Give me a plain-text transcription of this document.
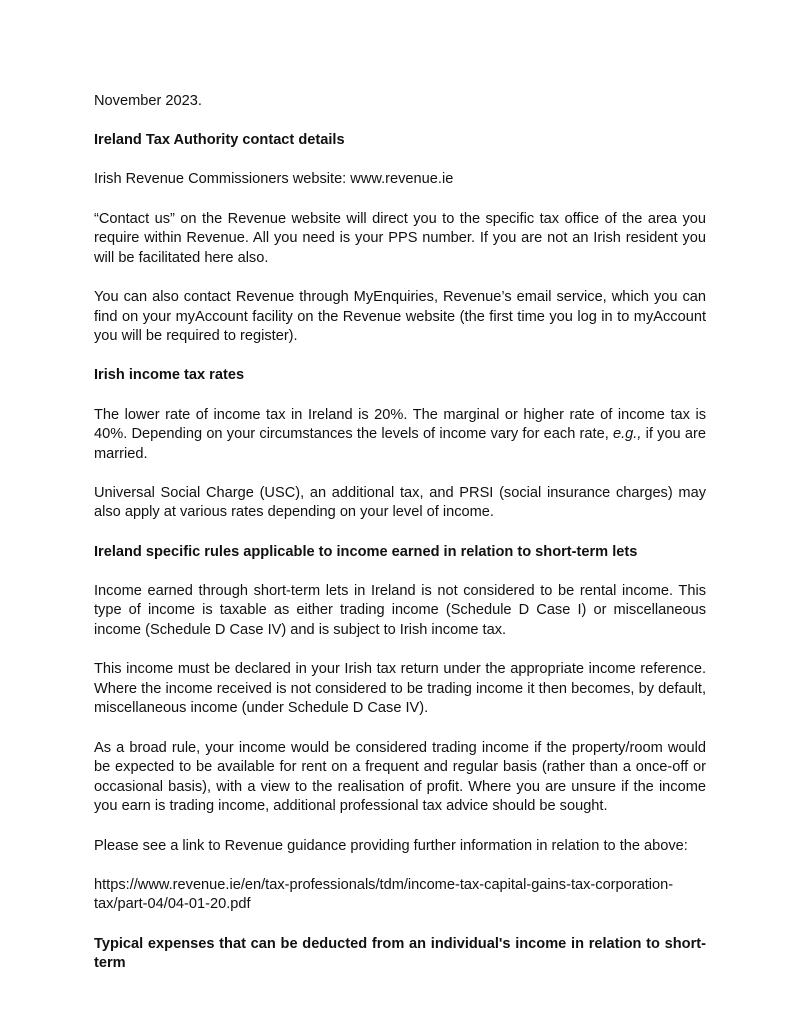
November 2023.

Ireland Tax Authority contact details

Irish Revenue Commissioners website: www.revenue.ie

“Contact us” on the Revenue website will direct you to the specific tax office of the area you require within Revenue. All you need is your PPS number. If you are not an Irish resident you will be facilitated here also.

You can also contact Revenue through MyEnquiries, Revenue’s email service, which you can find on your myAccount facility on the Revenue website (the first time you log in to myAccount you will be required to register).

Irish income tax rates

The lower rate of income tax in Ireland is 20%. The marginal or higher rate of income tax is 40%. Depending on your circumstances the levels of income vary for each rate, e.g., if you are married.

Universal Social Charge (USC), an additional tax, and PRSI (social insurance charges) may also apply at various rates depending on your level of income.

Ireland specific rules applicable to income earned in relation to short-term lets

Income earned through short-term lets in Ireland is not considered to be rental income. This type of income is taxable as either trading income (Schedule D Case I) or miscellaneous income (Schedule D Case IV) and is subject to Irish income tax.

This income must be declared in your Irish tax return under the appropriate income reference. Where the income received is not considered to be trading income it then becomes, by default, miscellaneous income (under Schedule D Case IV).

As a broad rule, your income would be considered trading income if the property/room would be expected to be available for rent on a frequent and regular basis (rather than a once-off or occasional basis), with a view to the realisation of profit. Where you are unsure if the income you earn is trading income, additional professional tax advice should be sought.

Please see a link to Revenue guidance providing further information in relation to the above:

https://www.revenue.ie/en/tax-professionals/tdm/income-tax-capital-gains-tax-corporation-
tax/part-04/04-01-20.pdf

Typical expenses that can be deducted from an individual's income in relation to short- term
